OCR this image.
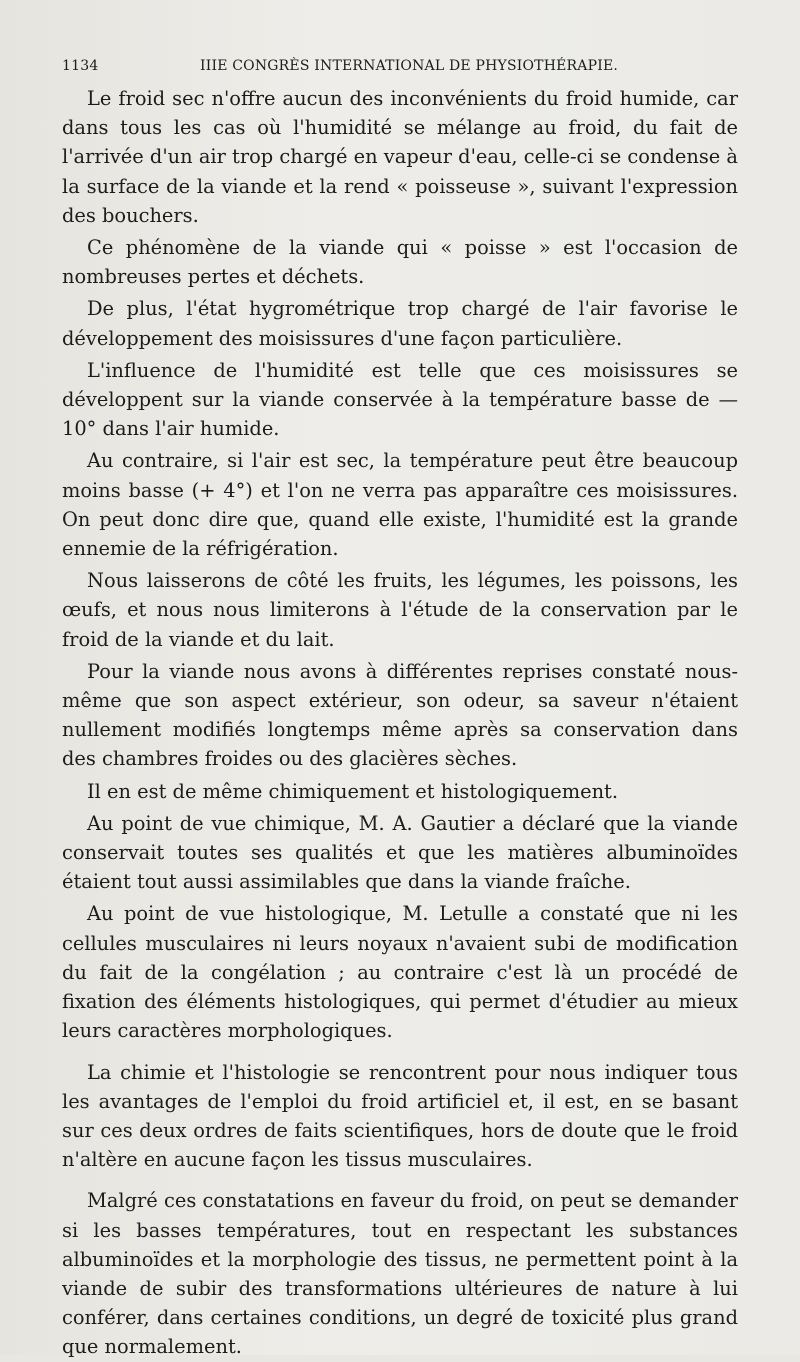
1134	IIIE CONGRÈS INTERNATIONAL DE PHYSIOTHÉRAPIE.

Le froid sec n'offre aucun des inconvénients du froid humide, car dans tous les cas où l'humidité se mélange au froid, du fait de l'arrivée d'un air trop chargé en vapeur d'eau, celle-ci se condense à la surface de la viande et la rend « poisseuse », suivant l'expression des bouchers.

Ce phénomène de la viande qui « poisse » est l'occasion de nombreuses pertes et déchets.

De plus, l'état hygrométrique trop chargé de l'air favorise le développement des moisissures d'une façon particulière.

L'influence de l'humidité est telle que ces moisissures se développent sur la viande conservée à la température basse de — 10° dans l'air humide.

Au contraire, si l'air est sec, la température peut être beaucoup moins basse (+ 4°) et l'on ne verra pas apparaître ces moisissures. On peut donc dire que, quand elle existe, l'humidité est la grande ennemie de la réfrigération.

Nous laisserons de côté les fruits, les légumes, les poissons, les œufs, et nous nous limiterons à l'étude de la conservation par le froid de la viande et du lait.

Pour la viande nous avons à différentes reprises constaté nous-même que son aspect extérieur, son odeur, sa saveur n'étaient nullement modifiés longtemps même après sa conservation dans des chambres froides ou des glacières sèches.

Il en est de même chimiquement et histologiquement.

Au point de vue chimique, M. A. Gautier a déclaré que la viande conservait toutes ses qualités et que les matières albuminoïdes étaient tout aussi assimilables que dans la viande fraîche.

Au point de vue histologique, M. Letulle a constaté que ni les cellules musculaires ni leurs noyaux n'avaient subi de modification du fait de la congélation ; au contraire c'est là un procédé de fixation des éléments histologiques, qui permet d'étudier au mieux leurs caractères morphologiques.

La chimie et l'histologie se rencontrent pour nous indiquer tous les avantages de l'emploi du froid artificiel et, il est, en se basant sur ces deux ordres de faits scientifiques, hors de doute que le froid n'altère en aucune façon les tissus musculaires.

Malgré ces constatations en faveur du froid, on peut se demander si les basses températures, tout en respectant les substances albuminoïdes et la morphologie des tissus, ne permettent point à la viande de subir des transformations ultérieures de nature à lui conférer, dans certaines conditions, un degré de toxicité plus grand que normalement.
